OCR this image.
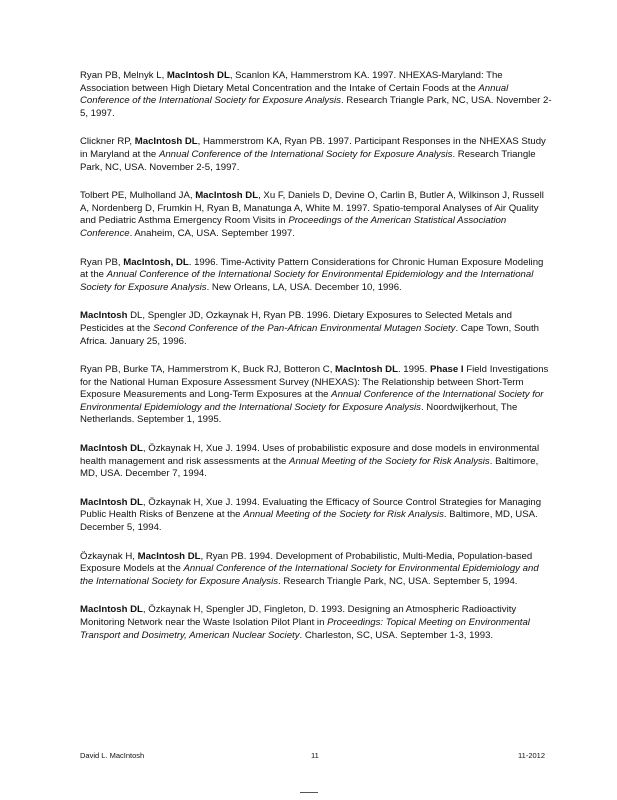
Ryan PB, Melnyk L, MacIntosh DL, Scanlon KA, Hammerstrom KA. 1997. NHEXAS-Maryland: The Association between High Dietary Metal Concentration and the Intake of Certain Foods at the Annual Conference of the International Society for Exposure Analysis. Research Triangle Park, NC, USA. November 2-5, 1997.

Clickner RP, MacIntosh DL, Hammerstrom KA, Ryan PB. 1997. Participant Responses in the NHEXAS Study in Maryland at the Annual Conference of the International Society for Exposure Analysis. Research Triangle Park, NC, USA. November 2-5, 1997.

Tolbert PE, Mulholland JA, MacIntosh DL, Xu F, Daniels D, Devine O, Carlin B, Butler A, Wilkinson J, Russell A, Nordenberg D, Frumkin H, Ryan B, Manatunga A, White M. 1997. Spatio-temporal Analyses of Air Quality and Pediatric Asthma Emergency Room Visits in Proceedings of the American Statistical Association Conference. Anaheim, CA, USA. September 1997.

Ryan PB, MacIntosh, DL. 1996. Time-Activity Pattern Considerations for Chronic Human Exposure Modeling at the Annual Conference of the International Society for Environmental Epidemiology and the International Society for Exposure Analysis. New Orleans, LA, USA. December 10, 1996.

MacIntosh DL, Spengler JD, Ozkaynak H, Ryan PB. 1996. Dietary Exposures to Selected Metals and Pesticides at the Second Conference of the Pan-African Environmental Mutagen Society. Cape Town, South Africa. January 25, 1996.

Ryan PB, Burke TA, Hammerstrom K, Buck RJ, Botteron C, MacIntosh DL. 1995. Phase I Field Investigations for the National Human Exposure Assessment Survey (NHEXAS): The Relationship between Short-Term Exposure Measurements and Long-Term Exposures at the Annual Conference of the International Society for Environmental Epidemiology and the International Society for Exposure Analysis. Noordwijkerhout, The Netherlands. September 1, 1995.

MacIntosh DL, Özkaynak H, Xue J. 1994. Uses of probabilistic exposure and dose models in environmental health management and risk assessments at the Annual Meeting of the Society for Risk Analysis. Baltimore, MD, USA. December 7, 1994.

MacIntosh DL, Özkaynak H, Xue J. 1994. Evaluating the Efficacy of Source Control Strategies for Managing Public Health Risks of Benzene at the Annual Meeting of the Society for Risk Analysis. Baltimore, MD, USA. December 5, 1994.

Özkaynak H, MacIntosh DL, Ryan PB. 1994. Development of Probabilistic, Multi-Media, Population-based Exposure Models at the Annual Conference of the International Society for Environmental Epidemiology and the International Society for Exposure Analysis. Research Triangle Park, NC, USA. September 5, 1994.

MacIntosh DL, Özkaynak H, Spengler JD, Fingleton, D. 1993. Designing an Atmospheric Radioactivity Monitoring Network near the Waste Isolation Pilot Plant in Proceedings: Topical Meeting on Environmental Transport and Dosimetry, American Nuclear Society. Charleston, SC, USA. September 1-3, 1993.

David L. MacIntosh	11	11-2012
